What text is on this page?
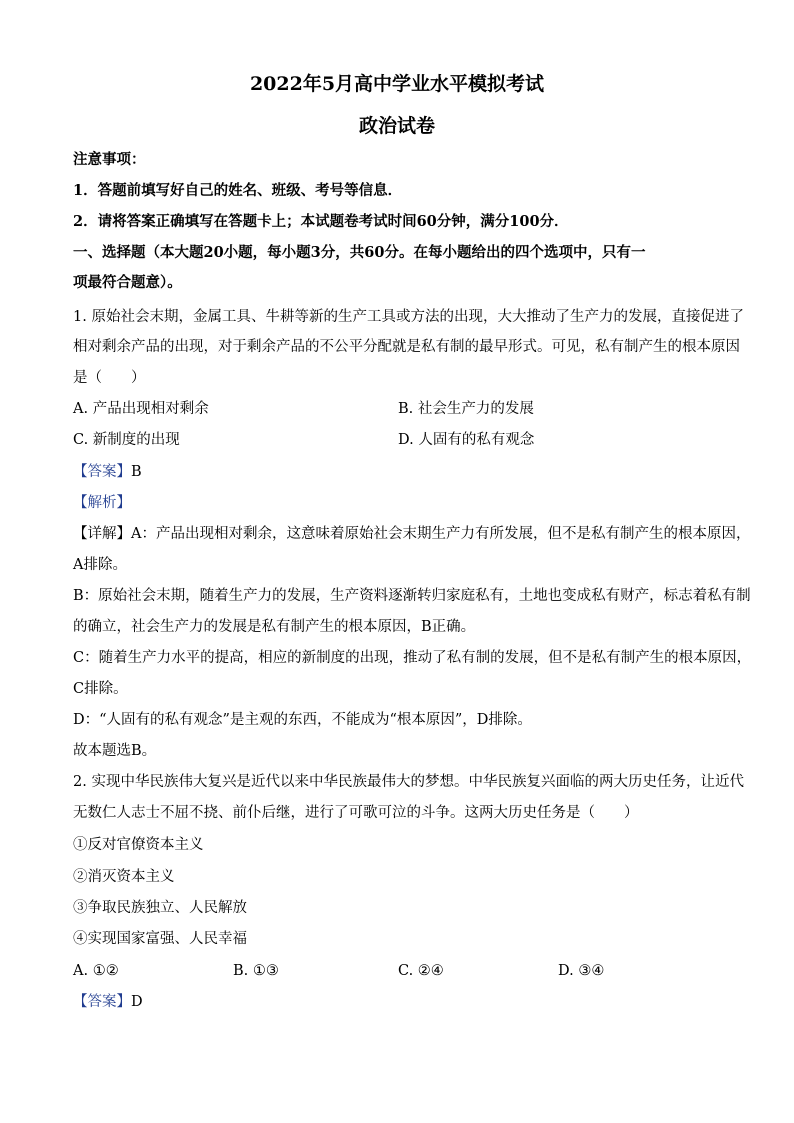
2022年5月高中学业水平模拟考试
政治试卷
注意事项：
1．答题前填写好自己的姓名、班级、考号等信息．
2．请将答案正确填写在答题卡上；本试题卷考试时间60分钟，满分100分．
一、选择题（本大题20小题，每小题3分，共60分。在每小题给出的四个选项中，只有一
项最符合题意）。
1. 原始社会末期，金属工具、牛耕等新的生产工具或方法的出现，大大推动了生产力的发展，直接促进了
相对剩余产品的出现，对于剩余产品的不公平分配就是私有制的最早形式。可见，私有制产生的根本原因
是（　　）
A. 产品出现相对剩余	B. 社会生产力的发展
C. 新制度的出现	D. 人固有的私有观念
【答案】B
【解析】
【详解】A：产品出现相对剩余，这意味着原始社会末期生产力有所发展，但不是私有制产生的根本原因，
A排除。
B：原始社会末期，随着生产力的发展，生产资料逐渐转归家庭私有，土地也变成私有财产，标志着私有制
的确立，社会生产力的发展是私有制产生的根本原因，B正确。
C：随着生产力水平的提高，相应的新制度的出现，推动了私有制的发展，但不是私有制产生的根本原因，
C排除。
D：“人固有的私有观念”是主观的东西，不能成为“根本原因”，D排除。
故本题选B。
2. 实现中华民族伟大复兴是近代以来中华民族最伟大的梦想。中华民族复兴面临的两大历史任务，让近代
无数仁人志士不屈不挠、前仆后继，进行了可歌可泣的斗争。这两大历史任务是（　　）
①反对官僚资本主义
②消灭资本主义
③争取民族独立、人民解放
④实现国家富强、人民幸福
A. ①②	B. ①③	C. ②④	D. ③④
【答案】D
